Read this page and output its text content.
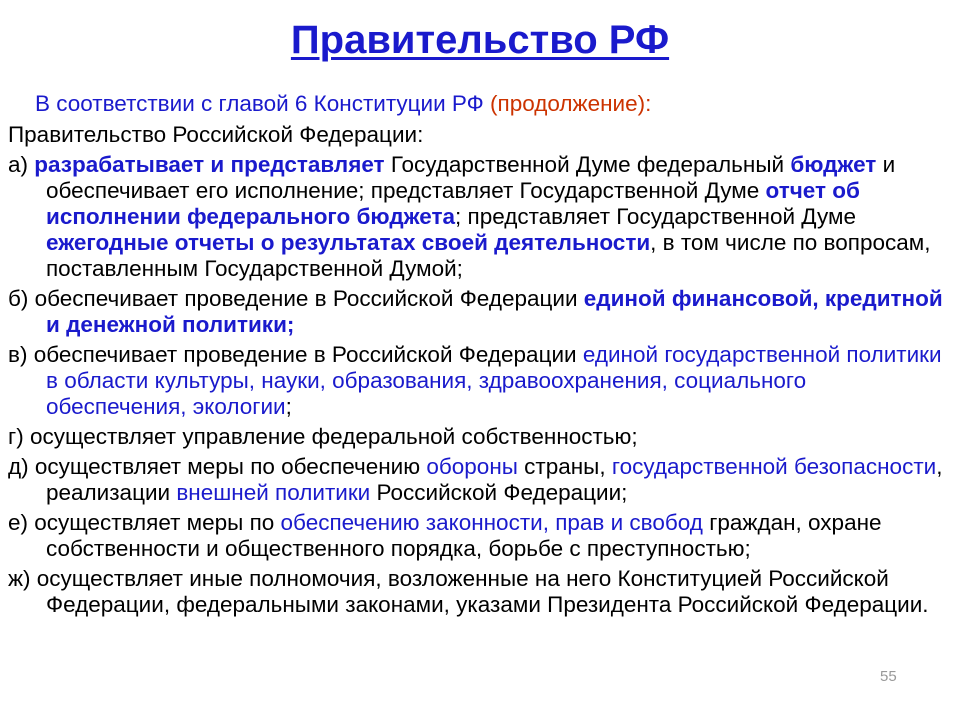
Правительство РФ
В соответствии с главой 6 Конституции РФ (продолжение):
Правительство Российской Федерации:
а) разрабатывает и представляет Государственной Думе федеральный бюджет и обеспечивает его исполнение; представляет Государственной Думе отчет об исполнении федерального бюджета; представляет Государственной Думе ежегодные отчеты о результатах своей деятельности, в том числе по вопросам, поставленным Государственной Думой;
б) обеспечивает проведение в Российской Федерации единой финансовой, кредитной и денежной политики;
в) обеспечивает проведение в Российской Федерации единой государственной политики в области культуры, науки, образования, здравоохранения, социального обеспечения, экологии;
г) осуществляет управление федеральной собственностью;
д) осуществляет меры по обеспечению обороны страны, государственной безопасности, реализации внешней политики Российской Федерации;
е) осуществляет меры по обеспечению законности, прав и свобод граждан, охране собственности и общественного порядка, борьбе с преступностью;
ж) осуществляет иные полномочия, возложенные на него Конституцией Российской Федерации, федеральными законами, указами Президента Российской Федерации.
55
